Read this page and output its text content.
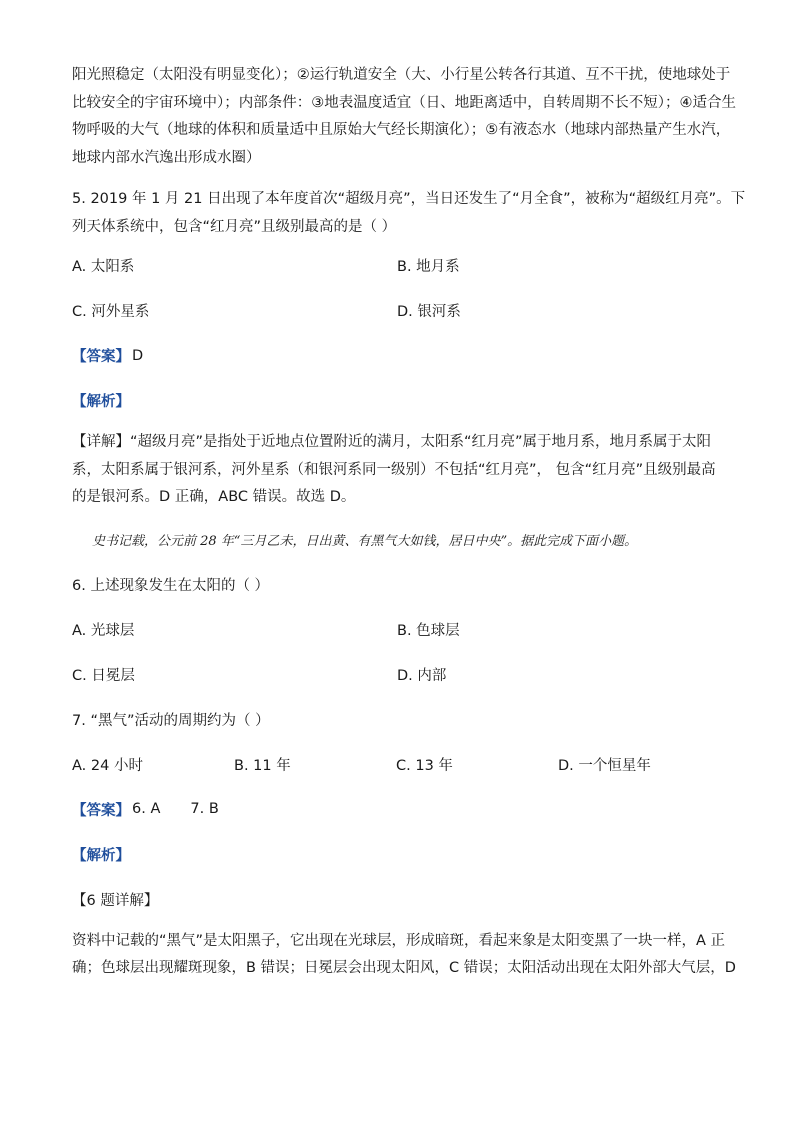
阳光照稳定（太阳没有明显变化）；②运行轨道安全（大、小行星公转各行其道、互不干扰，使地球处于
比较安全的宇宙环境中）；内部条件：③地表温度适宜（日、地距离适中，自转周期不长不短）；④适合生
物呼吸的大气（地球的体积和质量适中且原始大气经长期演化）；⑤有液态水（地球内部热量产生水汽，
地球内部水汽逸出形成水圈）
5. 2019 年 1 月 21 日出现了本年度首次“超级月亮”，当日还发生了“月全食”，被称为“超级红月亮”。下
列天体系统中，包含“红月亮”且级别最高的是（ ）
A. 太阳系	B. 地月系
C. 河外星系	D. 银河系
【答案】 D
【解析】
【详解】“超级月亮”是指处于近地点位置附近的满月，太阳系“红月亮”属于地月系，地月系属于太阳
系，太阳系属于银河系，河外星系（和银河系同一级别）不包括“红月亮”， 包含“红月亮”且级别最高
的是银河系。D 正确，ABC 错误。故选 D。
史书记载，公元前 28 年“三月乙未，日出黄、有黑气大如钱，居日中央”。据此完成下面小题。
6. 上述现象发生在太阳的（ ）
A. 光球层	B. 色球层
C. 日冕层	D. 内部
7. “黑气”活动的周期约为（ ）
A. 24 小时	B. 11 年	C. 13 年	D. 一个恒星年
【答案】 6. A 7. B
【解析】
【6 题详解】
资料中记载的“黑气”是太阳黑子，它出现在光球层，形成暗斑，看起来象是太阳变黑了一块一样，A 正
确；色球层出现耀斑现象，B 错误；日冕层会出现太阳风，C 错误；太阳活动出现在太阳外部大气层，D
